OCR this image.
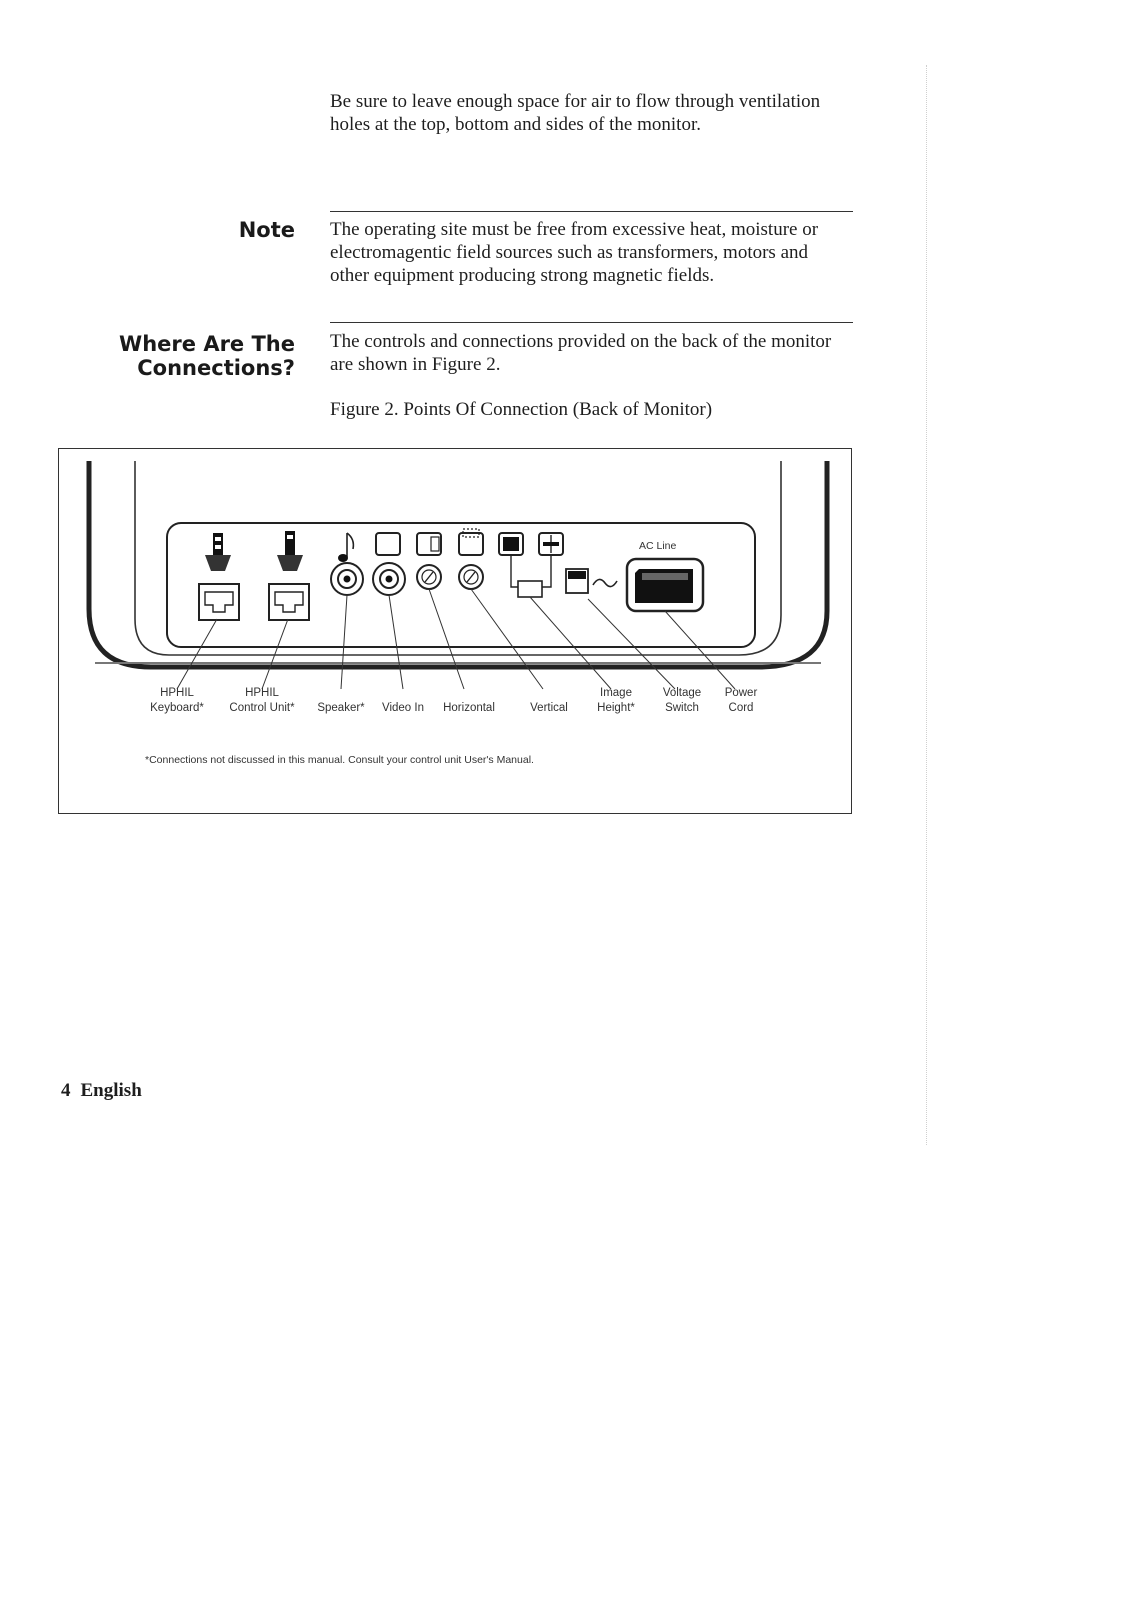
Be sure to leave enough space for air to flow through ventilation holes at the top, bottom and sides of the monitor.

Note The operating site must be free from excessive heat, moisture or electromagentic field sources such as transformers, motors and other equipment producing strong magnetic fields.

Where Are The
Connections?

The controls and connections provided on the back of the monitor are shown in Figure 2.

Figure 2. Points Of Connection (Back of Monitor)
AC Line
HPHIL
Keyboard*
HPHIL
Control Unit* Speaker* Video In Horizontal	Vertical
Image
Height*
Voltage
Switch
Power
Cord
*Connections not discussed in this manual. Consult your control unit User's Manual.
4 English
